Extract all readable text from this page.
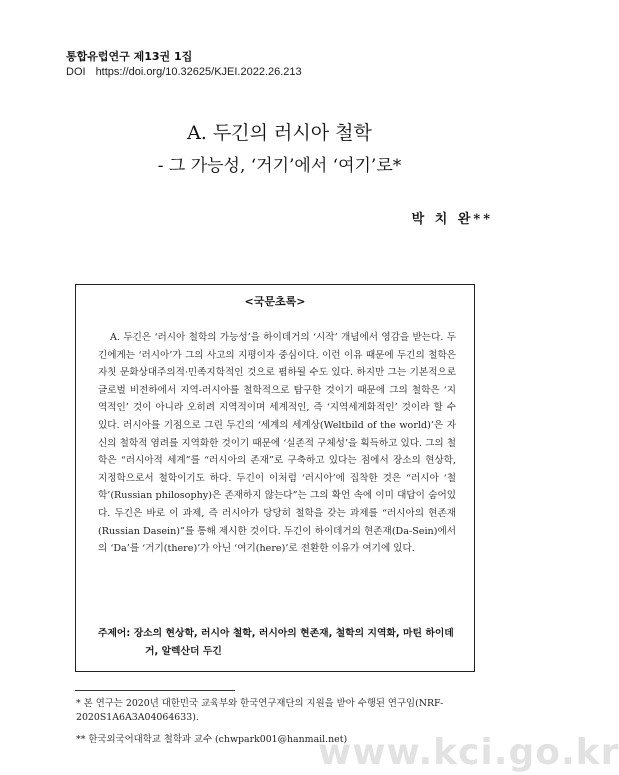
통합유럽연구 제13권 1집
DOI https://doi.org/10.32625/KJEI.2022.26.213
A. 두긴의 러시아 철학
- 그 가능성, ‘거기’에서 ‘여기’로*
박 치 완**
<국문초록>

A. 두긴은 ‘러시아 철학의 가능성’을 하이데거의 ‘시작’ 개념에서 영감을 받는다. 두긴에게는 ‘러시아’가 그의 사고의 지평이자 중심이다. 이런 이유 때문에 두긴의 철학은 자칫 문화상대주의적·민족지학적인 것으로 폄하될 수도 있다. 하지만 그는 기본적으로 글로벌 비전하에서 지역-러시아를 철학적으로 탐구한 것이기 때문에 그의 철학은 ‘지역적인’ 것이 아니라 오히려 지역적이며 세계적인, 즉 ‘지역세계화적인’ 것이라 할 수 있다. 러시아를 기점으로 그린 두긴의 ‘세계의 세계상(Weltbild of the world)’은 자신의 철학적 염려를 지역화한 것이기 때문에 ‘실존적 구체성’을 획득하고 있다. 그의 철학은 “러시아적 세계”를 “러시아의 존재”로 구축하고 있다는 점에서 장소의 현상학, 지정학으로서 철학이기도 하다. 두긴이 이처럼 ‘러시아’에 집착한 것은 “러시아 ‘철학’(Russian philosophy)은 존재하지 않는다”는 그의 확언 속에 이미 대답이 숨어있다. 두긴은 바로 이 과제, 즉 러시아가 당당히 철학을 갖는 과제를 “러시아의 현존재(Russian Dasein)”를 통해 제시한 것이다. 두긴이 하이데거의 현존재(Da-Sein)에서의 ‘Da’를 ‘거기(there)’가 아닌 ‘여기(here)’로 전환한 이유가 여기에 있다.

주제어: 장소의 현상학, 러시아 철학, 러시아의 현존재, 철학의 지역화, 마틴 하이데거, 알렉산더 두긴

* 본 연구는 2020년 대한민국 교육부와 한국연구재단의 지원을 받아 수행된 연구임(NRF-2020S1A6A3A04064633).

** 한국외국어대학교 철학과 교수 (chwpark001@hanmail.net)

www.kci.go.kr
